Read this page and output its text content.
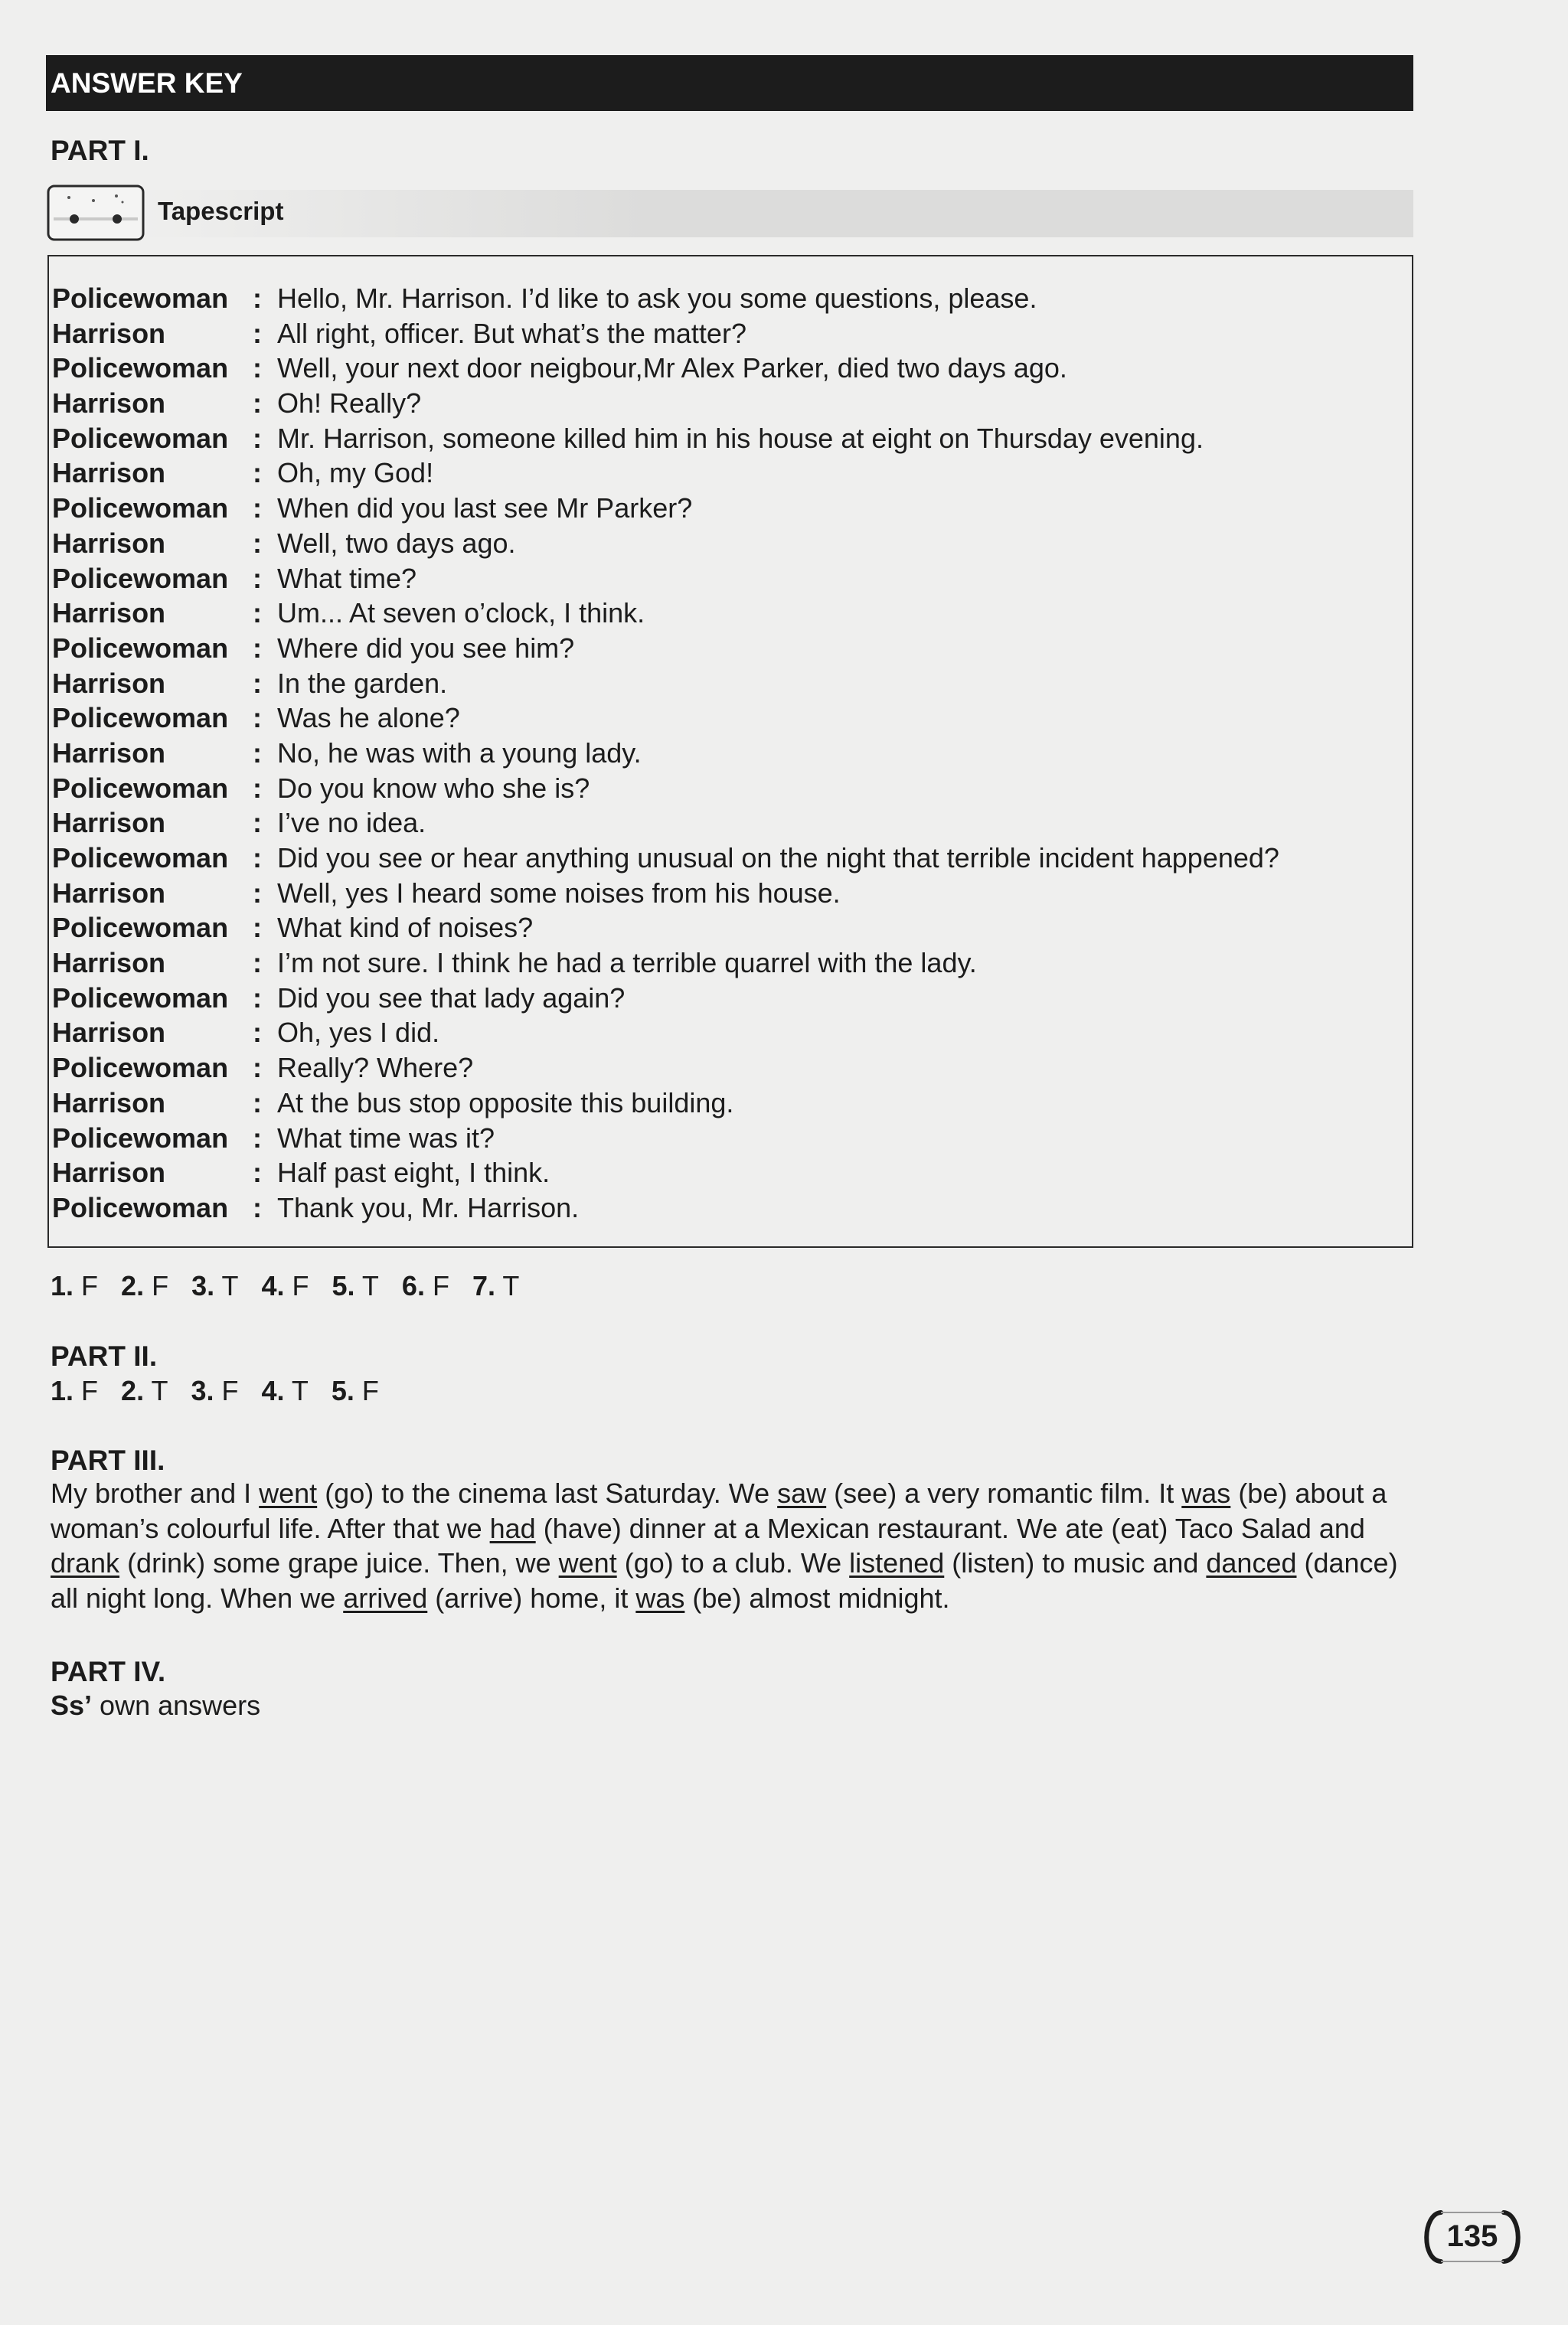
ANSWER KEY
PART I.
Tapescript
Policewoman : Hello, Mr. Harrison. I’d like to ask you some questions, please.
Harrison	: All right, officer. But what’s the matter?
Policewoman : Well, your next door neigbour,Mr Alex Parker, died two days ago.
Harrison	: Oh! Really?
Policewoman : Mr. Harrison, someone killed him in his house at eight on Thursday evening.
Harrison	: Oh, my God!
Policewoman : When did you last see Mr Parker?
Harrison	: Well, two days ago.
Policewoman : What time?
Harrison	: Um... At seven o’clock, I think.
Policewoman : Where did you see him?
Harrison	: In the garden.
Policewoman : Was he alone?
Harrison	: No, he was with a young lady.
Policewoman : Do you know who she is?
Harrison	: I’ve no idea.
Policewoman : Did you see or hear anything unusual on the night that terrible incident happened?
Harrison	: Well, yes I heard some noises from his house.
Policewoman : What kind of noises?
Harrison	: I’m not sure. I think he had a terrible quarrel with the lady.
Policewoman : Did you see that lady again?
Harrison	: Oh, yes I did.
Policewoman : Really? Where?
Harrison	: At the bus stop opposite this building.
Policewoman : What time was it?
Harrison	: Half past eight, I think.
Policewoman : Thank you, Mr. Harrison.
1. F 2. F 3. T 4. F 5. T 6. F 7. T
PART II.
1. F 2. T 3. F 4. T 5. F
PART III.
My brother and I went (go) to the cinema last Saturday. We saw (see) a very romantic film. It was (be) about a woman’s colourful life. After that we had (have) dinner at a Mexican restaurant. We ate (eat) Taco Salad and drank (drink) some grape juice. Then, we went (go) to a club. We listened (listen) to music and danced (dance) all night long. When we arrived (arrive) home, it was (be) almost midnight.
PART IV.
Ss’ own answers
135
